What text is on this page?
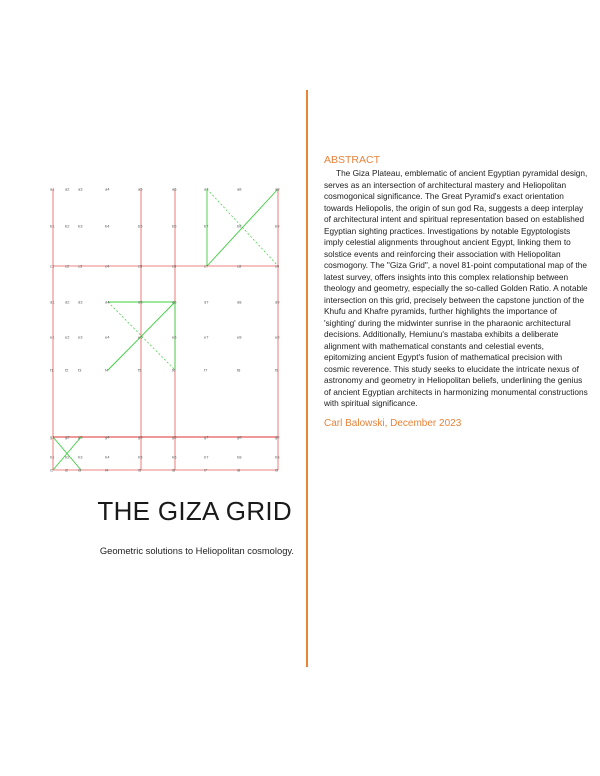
a1	a2 a3	a4	a5	a6	a7	a8	a9
b1	b2 b3	b4	b5	b6	b7	b8	b9
c1	c2 c3	c4	c5	c6	c7	c8	c9
d1	d2 d3	d4	d5	d6	d7	d8	d9
e1	e2 e3	e4	e5	e6	e7	e8	e9
f1	f2 f3	f4	f5	f6	f7	f8	f9
g1	g2 g3	g4	g5	g6	g7	g8	g9
h1	h2 h3	h4	h5	h6	h7	h8	h9
i1	i2 i3	i4	i5	i6	i7	i8	i9
THE GIZA GRID
Geometric solutions to Heliopolitan cosmology.
ABSTRACT

The Giza Plateau, emblematic of ancient Egyptian pyramidal design, serves as an intersection of architectural mastery and Heliopolitan cosmogonical significance. The Great Pyramid's exact orientation towards Heliopolis, the origin of sun god Ra, suggests a deep interplay of architectural intent and spiritual representation based on established Egyptian sighting practices. Investigations by notable Egyptologists imply celestial alignments throughout ancient Egypt, linking them to solstice events and reinforcing their association with Heliopolitan cosmogony. The "Giza Grid", a novel 81-point computational map of the latest survey, offers insights into this complex relationship between theology and geometry, especially the so-called Golden Ratio. A notable intersection on this grid, precisely between the capstone junction of the Khufu and Khafre pyramids, further highlights the importance of 'sighting' during the midwinter sunrise in the pharaonic architectural decisions. Additionally, Hemiunu's mastaba exhibits a deliberate alignment with mathematical constants and celestial events, epitomizing ancient Egypt's fusion of mathematical precision with cosmic reverence. This study seeks to elucidate the intricate nexus of astronomy and geometry in Heliopolitan beliefs, underlining the genius of ancient Egyptian architects in harmonizing monumental constructions with spiritual significance.

Carl Balowski, December 2023
